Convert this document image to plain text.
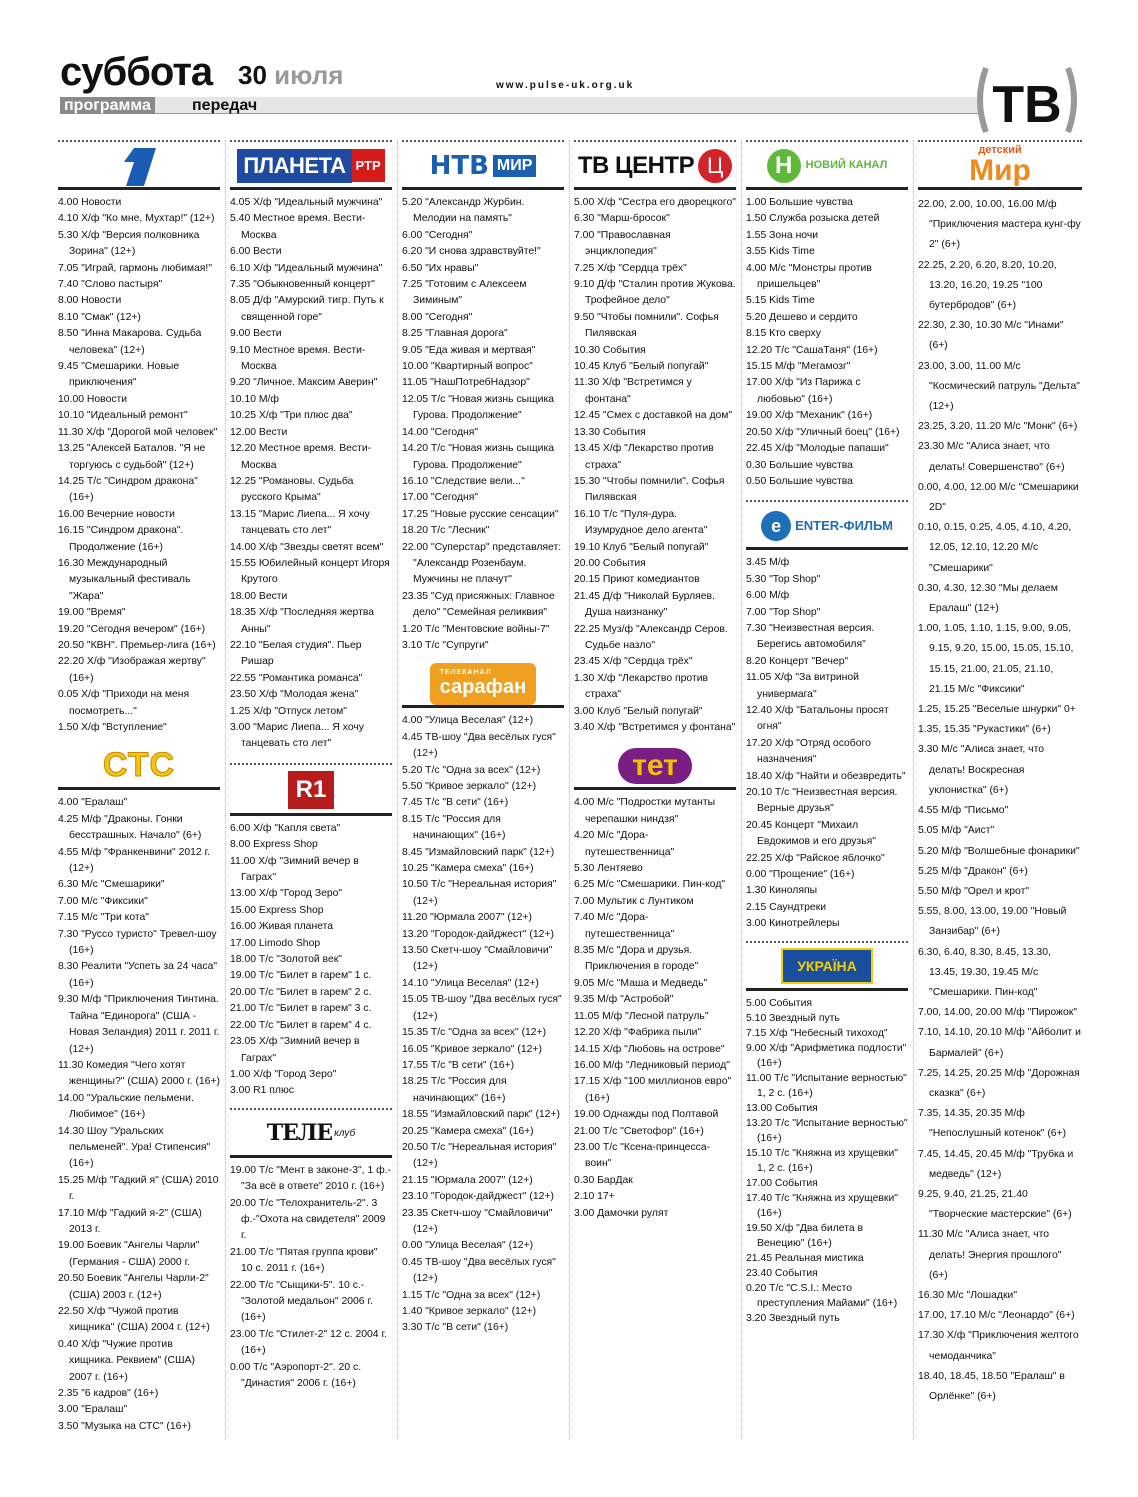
суббота 30 июля	www.pulse-uk.org.uk
программа	передач	ТВ
4.00 Новости
4.10 Х/ф "Ко мне, Мухтар!" (12+)
5.30 Х/ф "Версия полковника Зорина" (12+)
7.05 "Играй, гармонь любимая!"
7.40 "Слово пастыря"
8.00 Новости
8.10 "Смак" (12+)
8.50 "Инна Макарова. Судьба человека" (12+)
9.45 "Смешарики. Новые приключения"
10.00 Новости
10.10 "Идеальный ремонт"
11.30 Х/ф "Дорогой мой человек"
13.25 "Алексей Баталов. "Я не торгуюсь с судьбой" (12+)
14.25 Т/с "Синдром дракона" (16+)
16.00 Вечерние новости
16.15 "Синдром дракона". Продолжение (16+)
16.30 Международный музыкальный фестиваль "Жара"
19.00 "Время"
19.20 "Сегодня вечером" (16+)
20.50 "КВН". Премьер-лига (16+)
22.20 Х/ф "Изображая жертву" (16+)
0.05 Х/ф "Приходи на меня посмотреть..."
1.50 Х/ф "Вступление"
СТС
4.00 "Ералаш"
4.25 М/ф "Драконы. Гонки бесстрашных. Начало" (6+)
4.55 М/ф "Франкенвини" 2012 г. (12+)
6.30 М/с "Смешарики"
7.00 М/с "Фиксики"
7.15 М/с "Три кота"
7.30 "Руссо туристо" Тревел-шоу (16+)
8.30 Реалити "Успеть за 24 часа" (16+)
9.30 М/ф "Приключения Тинтина. Тайна "Единорога" (США - Новая Зеландия) 2011 г. 2011 г. (12+)
11.30 Комедия "Чего хотят женщины?" (США) 2000 г. (16+)
14.00 "Уральские пельмени. Любимое" (16+)
14.30 Шоу "Уральских пельменей". Ура! Стипенсия" (16+)
15.25 М/ф "Гадкий я" (США) 2010 г.
17.10 М/ф "Гадкий я-2" (США) 2013 г.
19.00 Боевик "Ангелы Чарли" (Германия - США) 2000 г.
20.50 Боевик "Ангелы Чарли-2" (США) 2003 г. (12+)
22.50 Х/ф "Чужой против хищника" (США) 2004 г. (12+)
0.40 Х/ф "Чужие против хищника. Реквием" (США) 2007 г. (16+)
2.35 "6 кадров" (16+)
3.00 "Ералаш"
3.50 "Музыка на СТС" (16+)
ПЛАНЕТА РТР
4.05 Х/ф "Идеальный мужчина"
5.40 Местное время. Вести-Москва
6.00 Вести
6.10 Х/ф "Идеальный мужчина"
7.35 "Обыкновенный концерт"
8.05 Д/ф "Амурский тигр. Путь к священной горе"
9.00 Вести
9.10 Местное время. Вести-Москва
9.20 "Личное. Максим Аверин"
10.10 М/ф
10.25 Х/ф "Три плюс два"
12.00 Вести
12.20 Местное время. Вести-Москва
12.25 "Романовы. Судьба русского Крыма"
13.15 "Марис Лиепа... Я хочу танцевать сто лет"
14.00 Х/ф "Звезды светят всем"
15.55 Юбилейный концерт Игоря Крутого
18.00 Вести
18.35 Х/ф "Последняя жертва Анны"
22.10 "Белая студия". Пьер Ришар
22.55 "Романтика романса"
23.50 Х/ф "Молодая жена"
1.25 Х/ф "Отпуск летом"
3.00 "Марис Лиепа... Я хочу танцевать сто лет"
R1
6.00 Х/ф "Капля света"
8.00 Express Shop
11.00 Х/ф "Зимний вечер в Гаграх"
13.00 Х/ф "Город Зеро"
15.00 Express Shop
16.00 Живая планета
17.00 Limodo Shop
18.00 Т/с "Золотой век"
19.00 Т/с "Билет в гарем" 1 с.
20.00 Т/с "Билет в гарем" 2 с.
21.00 Т/с "Билет в гарем" 3 с.
22.00 Т/с "Билет в гарем" 4 с.
23.05 Х/ф "Зимний вечер в Гаграх"
1.00 Х/ф "Город Зеро"
3.00 R1 плюс
ТЕЛЕ клуб
19.00 Т/с "Мент в законе-3", 1 ф.- "За всё в ответе" 2010 г. (16+)
20.00 Т/с "Телохранитель-2". 3 ф.-"Охота на свидетеля" 2009 г.
21.00 Т/с "Пятая группа крови" 10 с. 2011 г. (16+)
22.00 Т/с "Сыщики-5". 10 с.- "Золотой медальон" 2006 г. (16+)
23.00 Т/с "Стилет-2" 12 с. 2004 г. (16+)
0.00 Т/с "Аэропорт-2". 20 с. "Династия" 2006 г. (16+)
НТВ МИР
5.20 "Александр Журбин. Мелодии на память"
6.00 "Сегодня"
6.20 "И снова здравствуйте!"
6.50 "Их нравы"
7.25 "Готовим с Алексеем Зиминым"
8.00 "Сегодня"
8.25 "Главная дорога"
9.05 "Еда живая и мертвая"
10.00 "Квартирный вопрос"
11.05 "НашПотребНадзор"
12.05 Т/с "Новая жизнь сыщика Гурова. Продолжение"
14.00 "Сегодня"
14.20 Т/с "Новая жизнь сыщика Гурова. Продолжение"
16.10 "Следствие вели..."
17.00 "Сегодня"
17.25 "Новые русские сенсации"
18.20 Т/с "Лесник"
22.00 "Суперстар" представляет: "Александр Розенбаум. Мужчины не плачут"
23.35 "Суд присяжных: Главное дело" "Семейная реликвия"
1.20 Т/с "Ментовские войны-7"
3.10 Т/с "Супруги"
ТЕЛЕКАНАЛ
сарафан
4.00 "Улица Веселая" (12+)
4.45 ТВ-шоу "Два весёлых гуся" (12+)
5.20 Т/с "Одна за всех" (12+)
5.50 "Кривое зеркало" (12+)
7.45 Т/с "В сети" (16+)
8.15 Т/с "Россия для начинающих" (16+)
8.45 "Измайловский парк" (12+)
10.25 "Камера смеха" (16+)
10.50 Т/с "Нереальная история" (12+)
11.20 "Юрмала 2007" (12+)
13.20 "Городок-дайджест" (12+)
13.50 Скетч-шоу "Смайловичи" (12+)
14.10 "Улица Веселая" (12+)
15.05 ТВ-шоу "Два весёлых гуся" (12+)
15.35 Т/с "Одна за всех" (12+)
16.05 "Кривое зеркало" (12+)
17.55 Т/с "В сети" (16+)
18.25 Т/с "Россия для начинающих" (16+)
18.55 "Измайловский парк" (12+)
20.25 "Камера смеха" (16+)
20.50 Т/с "Нереальная история" (12+)
21.15 "Юрмала 2007" (12+)
23.10 "Городок-дайджест" (12+)
23.35 Скетч-шоу "Смайловичи" (12+)
0.00 "Улица Веселая" (12+)
0.45 ТВ-шоу "Два весёлых гуся" (12+)
1.15 Т/с "Одна за всех" (12+)
1.40 "Кривое зеркало" (12+)
3.30 Т/с "В сети" (16+)
ТВ ЦЕНТР Ц
5.00 Х/ф "Сестра его дворецкого"
6.30 "Марш-бросок"
7.00 "Православная энциклопедия"
7.25 Х/ф "Сердца трёх"
9.10 Д/ф "Сталин против Жукова. Трофейное дело"
9.50 "Чтобы помнили". Софья Пилявская
10.30 События
10.45 Клуб "Белый попугай"
11.30 Х/ф "Встретимся у фонтана"
12.45 "Смех с доставкой на дом"
13.30 События
13.45 Х/ф "Лекарство против страха"
15.30 "Чтобы помнили". Софья Пилявская
16.10 Т/с "Пуля-дура. Изумрудное дело агента"
19.10 Клуб "Белый попугай"
20.00 События
20.15 Приют комедиантов
21.45 Д/ф "Николай Бурляев. Душа наизнанку"
22.25 Муз/ф "Александр Серов. Судьбе назло"
23.45 Х/ф "Сердца трёх"
1.30 Х/ф "Лекарство против страха"
3.00 Клуб "Белый попугай"
3.40 Х/ф "Встретимся у фонтана"
тет
4.00 М/с "Подростки мутанты черепашки ниндзя"
4.20 М/с "Дора-путешественница"
5.30 Лентяево
6.25 М/с "Смешарики. Пин-код"
7.00 Мультик с Лунтиком
7.40 М/с "Дора-путешественница"
8.35 М/с "Дора и друзья. Приключения в городе"
9.05 М/с "Маша и Медведь"
9.35 М/ф "Астробой"
11.05 М/ф "Лесной патруль"
12.20 Х/ф "Фабрика пыли"
14.15 Х/ф "Любовь на острове"
16.00 М/ф "Ледниковый период"
17.15 Х/ф "100 миллионов евро" (16+)
19.00 Однажды под Полтавой
21.00 Т/с "Светофор" (16+)
23.00 Т/с "Ксена-принцесса-воин"
0.30 БарДак
2.10 17+
3.00 Дамочки рулят
Н	НОВИЙ КАНАЛ
1.00 Большие чувства
1.50 Служба розыска детей
1.55 Зона ночи
3.55 Kids Time
4.00 М/с "Монстры против пришельцев"
5.15 Kids Time
5.20 Дешево и сердито
8.15 Кто сверху
12.20 Т/с "СашаТаня" (16+)
15.15 М/ф "Мегамозг"
17.00 Х/ф "Из Парижа с любовью" (16+)
19.00 Х/ф "Механик" (16+)
20.50 Х/ф "Уличный боец" (16+)
22.45 Х/ф "Молодые папаши"
0.30 Большие чувства
0.50 Большие чувства
е	ENTER-ФИЛЬМ
3.45 М/ф
5.30 "Top Shop"
6.00 М/ф
7.00 "Top Shop"
7.30 "Неизвестная версия. Берегись автомобиля"
8.20 Концерт "Вечер"
11.05 Х/ф "За витриной универмага"
12.40 Х/ф "Батальоны просят огня"
17.20 Х/ф "Отряд особого назначения"
18.40 Х/ф "Найти и обезвредить"
20.10 Т/с "Неизвестная версия. Верные друзья"
20.45 Концерт "Михаил Евдокимов и его друзья"
22.25 Х/ф "Райское яблочко"
0.00 "Прощение" (16+)
1.30 Киноляпы
2.15 Саундтреки
3.00 Кинотрейлеры
УКРАЇНА
5.00 События
5.10 Звездный путь
7.15 Х/ф "Небесный тихоход"
9.00 Х/ф "Арифметика подлости" (16+)
11.00 Т/с "Испытание верностью" 1, 2 с. (16+)
13.00 События
13.20 Т/с "Испытание верностью" (16+)
15.10 Т/с "Княжна из хрущевки" 1, 2 с. (16+)
17.00 События
17.40 Т/с "Княжна из хрущевки" (16+)
19.50 Х/ф "Два билета в Венецию" (16+)
21.45 Реальная мистика
23.40 События
0.20 Т/с "C.S.I.: Место преступления Майами" (16+)
3.20 Звездный путь
детский
Мир
22.00, 2.00, 10.00, 16.00 М/ф "Приключения мастера кунг-фу 2" (6+)
22.25, 2.20, 6.20, 8.20, 10.20, 13.20, 16.20, 19.25 "100 бутербродов" (6+)
22.30, 2.30, 10.30 М/с "Инами" (6+)
23.00, 3.00, 11.00 М/с "Космический патруль "Дельта" (12+)
23.25, 3.20, 11.20 М/с "Монк" (6+)
23.30 М/с "Алиса знает, что делать! Совершенство" (6+)
0.00, 4.00, 12.00 М/с "Смешарики 2D"
0.10, 0.15, 0.25, 4.05, 4.10, 4.20, 12.05, 12.10, 12.20 М/с "Смешарики"
0.30, 4.30, 12.30 "Мы делаем Ералаш" (12+)
1.00, 1.05, 1.10, 1.15, 9.00, 9.05, 9.15, 9.20, 15.00, 15.05, 15.10, 15.15, 21.00, 21.05, 21.10, 21.15 М/с "Фиксики"
1.25, 15.25 "Веселые шнурки" 0+
1.35, 15.35 "Рукастики" (6+)
3.30 М/с "Алиса знает, что делать! Воскресная уклонистка" (6+)
4.55 М/ф "Письмо"
5.05 М/ф "Аист"
5.20 М/ф "Волшебные фонарики"
5.25 М/ф "Дракон" (6+)
5.50 М/ф "Орел и крот"
5.55, 8.00, 13.00, 19.00 "Новый Занзибар" (6+)
6.30, 6.40, 8.30, 8.45, 13.30, 13.45, 19.30, 19.45 М/с "Смешарики. Пин-код"
7.00, 14.00, 20.00 М/ф "Пирожок"
7.10, 14.10, 20.10 М/ф "Айболит и Бармалей" (6+)
7.25, 14.25, 20.25 М/ф "Дорожная сказка" (6+)
7.35, 14.35, 20.35 М/ф "Непослушный котенок" (6+)
7.45, 14.45, 20.45 М/ф "Трубка и медведь" (12+)
9.25, 9.40, 21.25, 21.40 "Творческие мастерские" (6+)
11.30 М/с "Алиса знает, что делать! Энергия прошлого" (6+)
16.30 М/с "Лошадки"
17.00, 17.10 М/с "Леонардо" (6+)
17.30 Х/ф "Приключения желтого чемоданчика"
18.40, 18.45, 18.50 "Ералаш" в Орлёнке" (6+)
